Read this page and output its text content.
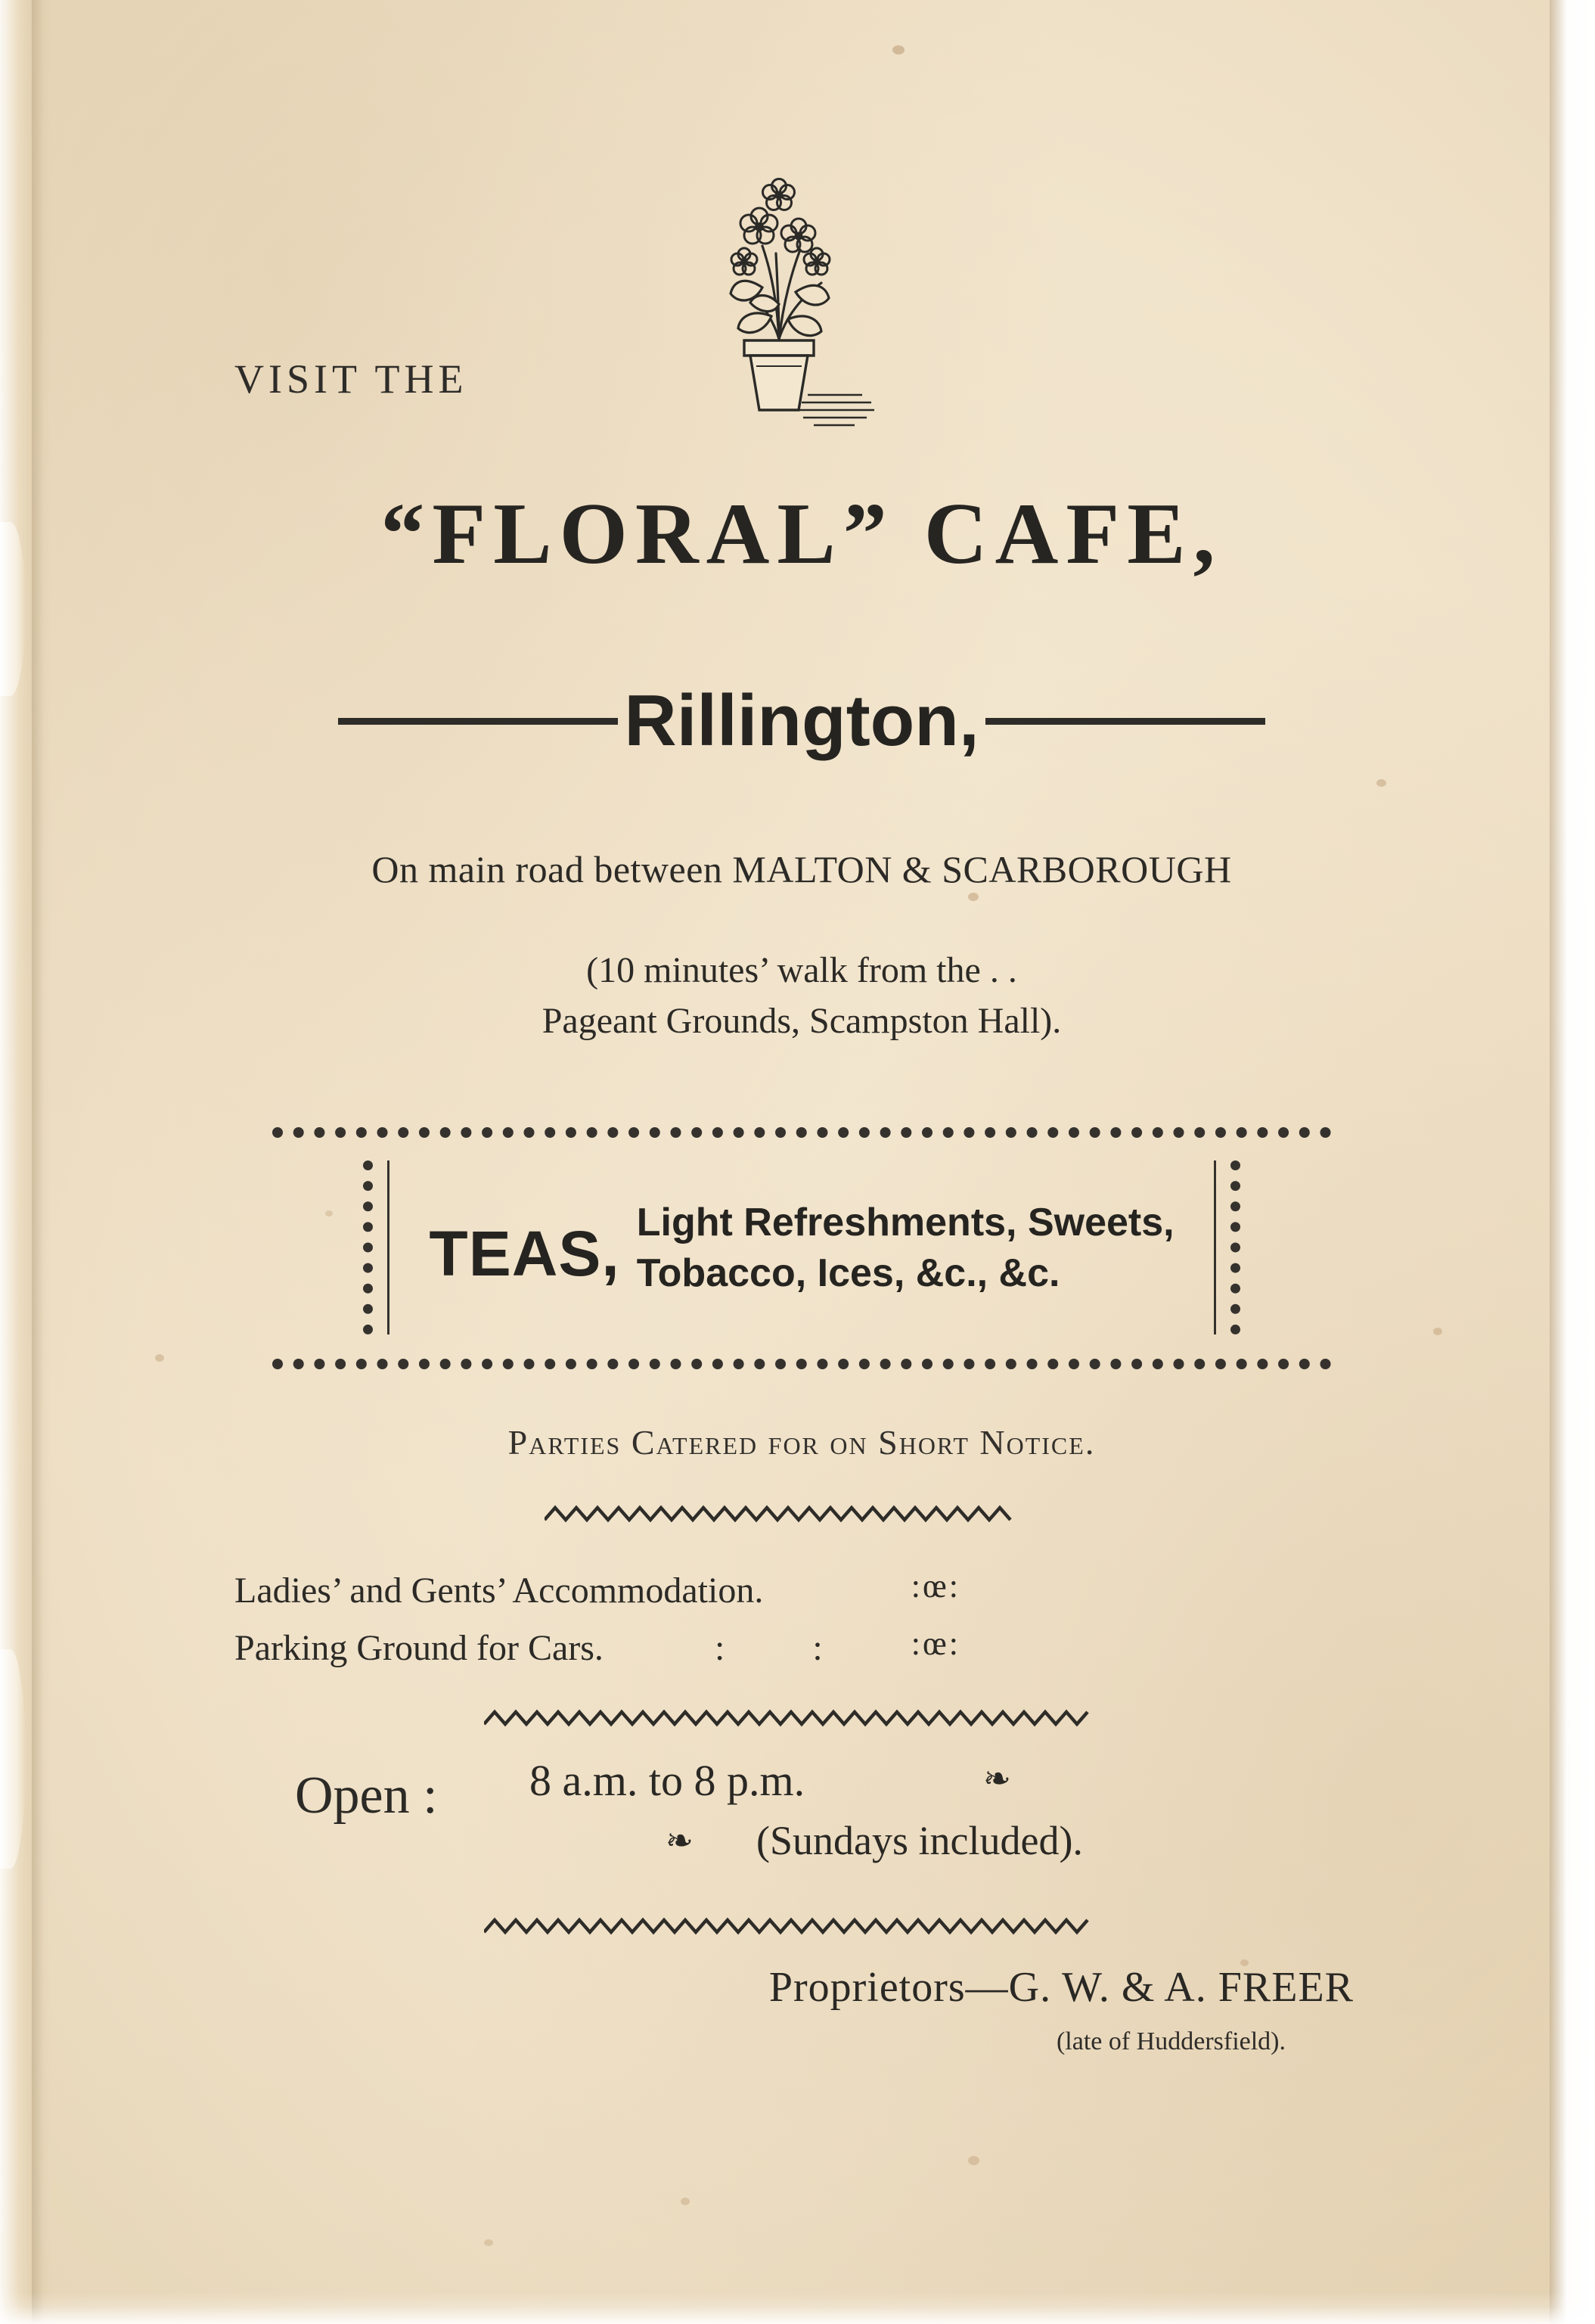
VISIT THE
“FLORAL” CAFE,
Rillington,
On main road between MALTON & SCARBOROUGH
(10 minutes’ walk from the . .
Pageant Grounds, Scampston Hall).
TEAS, Light Refreshments, Sweets,
Tobacco, Ices, &c., &c.
Parties Catered for on Short Notice.
Ladies’ and Gents’ Accommodation.	:œ:
Parking Ground for Cars.	: : :œ:
Open : 8 a.m. to 8 p.m.	❧
❧ (Sundays included).
Proprietors—G. W. & A. FREER
(late of Huddersfield).
